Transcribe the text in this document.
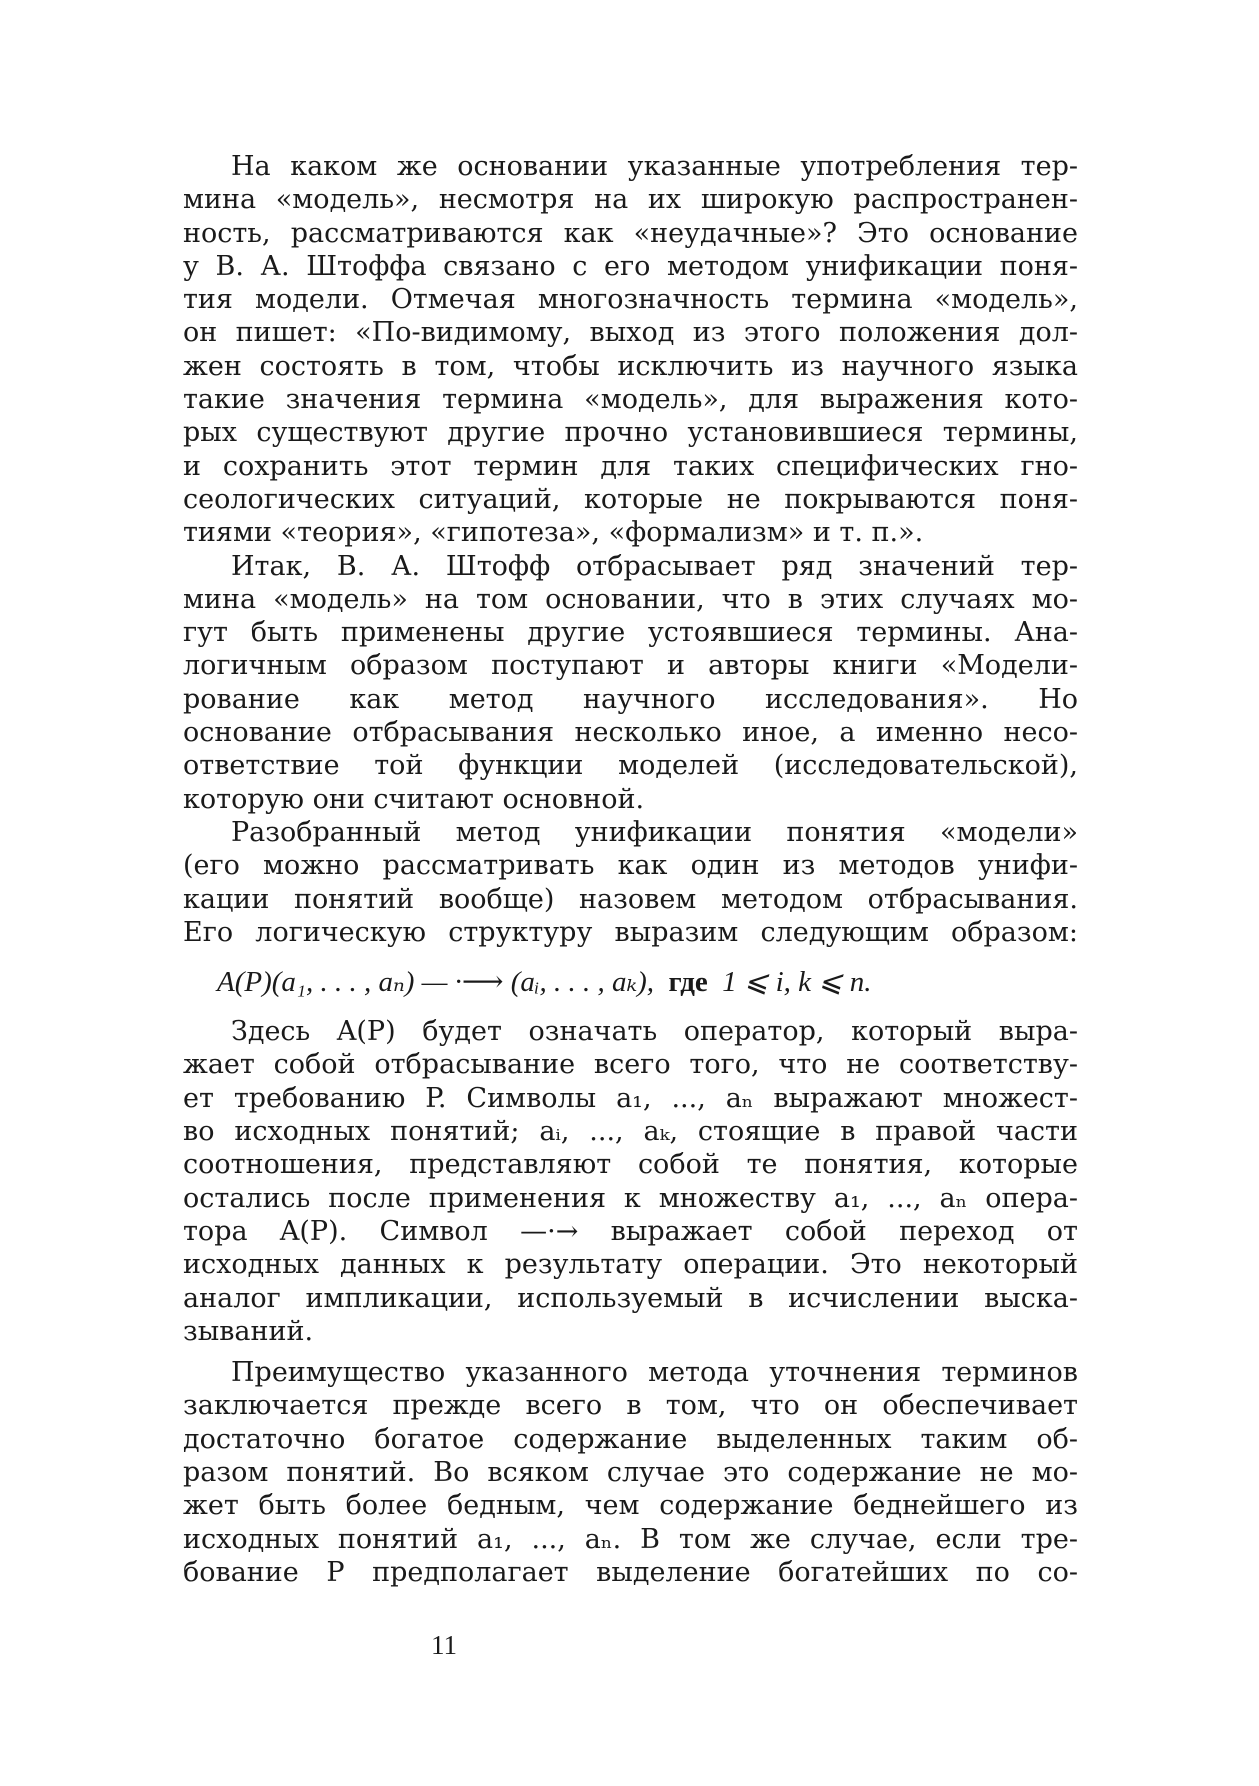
На каком же основании указанные употребления тер-
мина «модель», несмотря на их широкую распространен-
ность, рассматриваются как «неудачные»? Это основание
у В. А. Штоффа связано с его методом унификации поня-
тия модели. Отмечая многозначность термина «модель»,
он пишет: «По-видимому, выход из этого положения дол-
жен состоять в том, чтобы исключить из научного языка
такие значения термина «модель», для выражения кото-
рых существуют другие прочно установившиеся термины,
и сохранить этот термин для таких специфических гно-
сеологических ситуаций, которые не покрываются поня-
тиями «теория», «гипотеза», «формализм» и т. п.».
Итак, В. А. Штофф отбрасывает ряд значений тер-
мина «модель» на том основании, что в этих случаях мо-
гут быть применены другие устоявшиеся термины. Ана-
логичным образом поступают и авторы книги «Модели-
рование как метод научного исследования». Но
основание отбрасывания несколько иное, а именно несо-
ответствие той функции моделей (исследовательской),
которую они считают основной.
Разобранный метод унификации понятия «модели»
(его можно рассматривать как один из методов унифи-
кации понятий вообще) назовем методом отбрасывания.
Его логическую структуру выразим следующим образом:
A(P)(a₁, . . . , aₙ) — ·⟶ (aᵢ, . . . , aₖ), где 1 ⩽ i, k ⩽ n.
Здесь A(P) будет означать оператор, который выра-
жает собой отбрасывание всего того, что не соответству-
ет требованию P. Символы a₁, ..., aₙ выражают множест-
во исходных понятий; aᵢ, ..., aₖ, стоящие в правой части
соотношения, представляют собой те понятия, которые
остались после применения к множеству a₁, ..., aₙ опера-
тора A(P). Символ —·→ выражает собой переход от
исходных данных к результату операции. Это некоторый
аналог импликации, используемый в исчислении выска-
зываний.
Преимущество указанного метода уточнения терминов
заключается прежде всего в том, что он обеспечивает
достаточно богатое содержание выделенных таким об-
разом понятий. Во всяком случае это содержание не мо-
жет быть более бедным, чем содержание беднейшего из
исходных понятий a₁, ..., aₙ. В том же случае, если тре-
бование P предполагает выделение богатейших по со-
11
